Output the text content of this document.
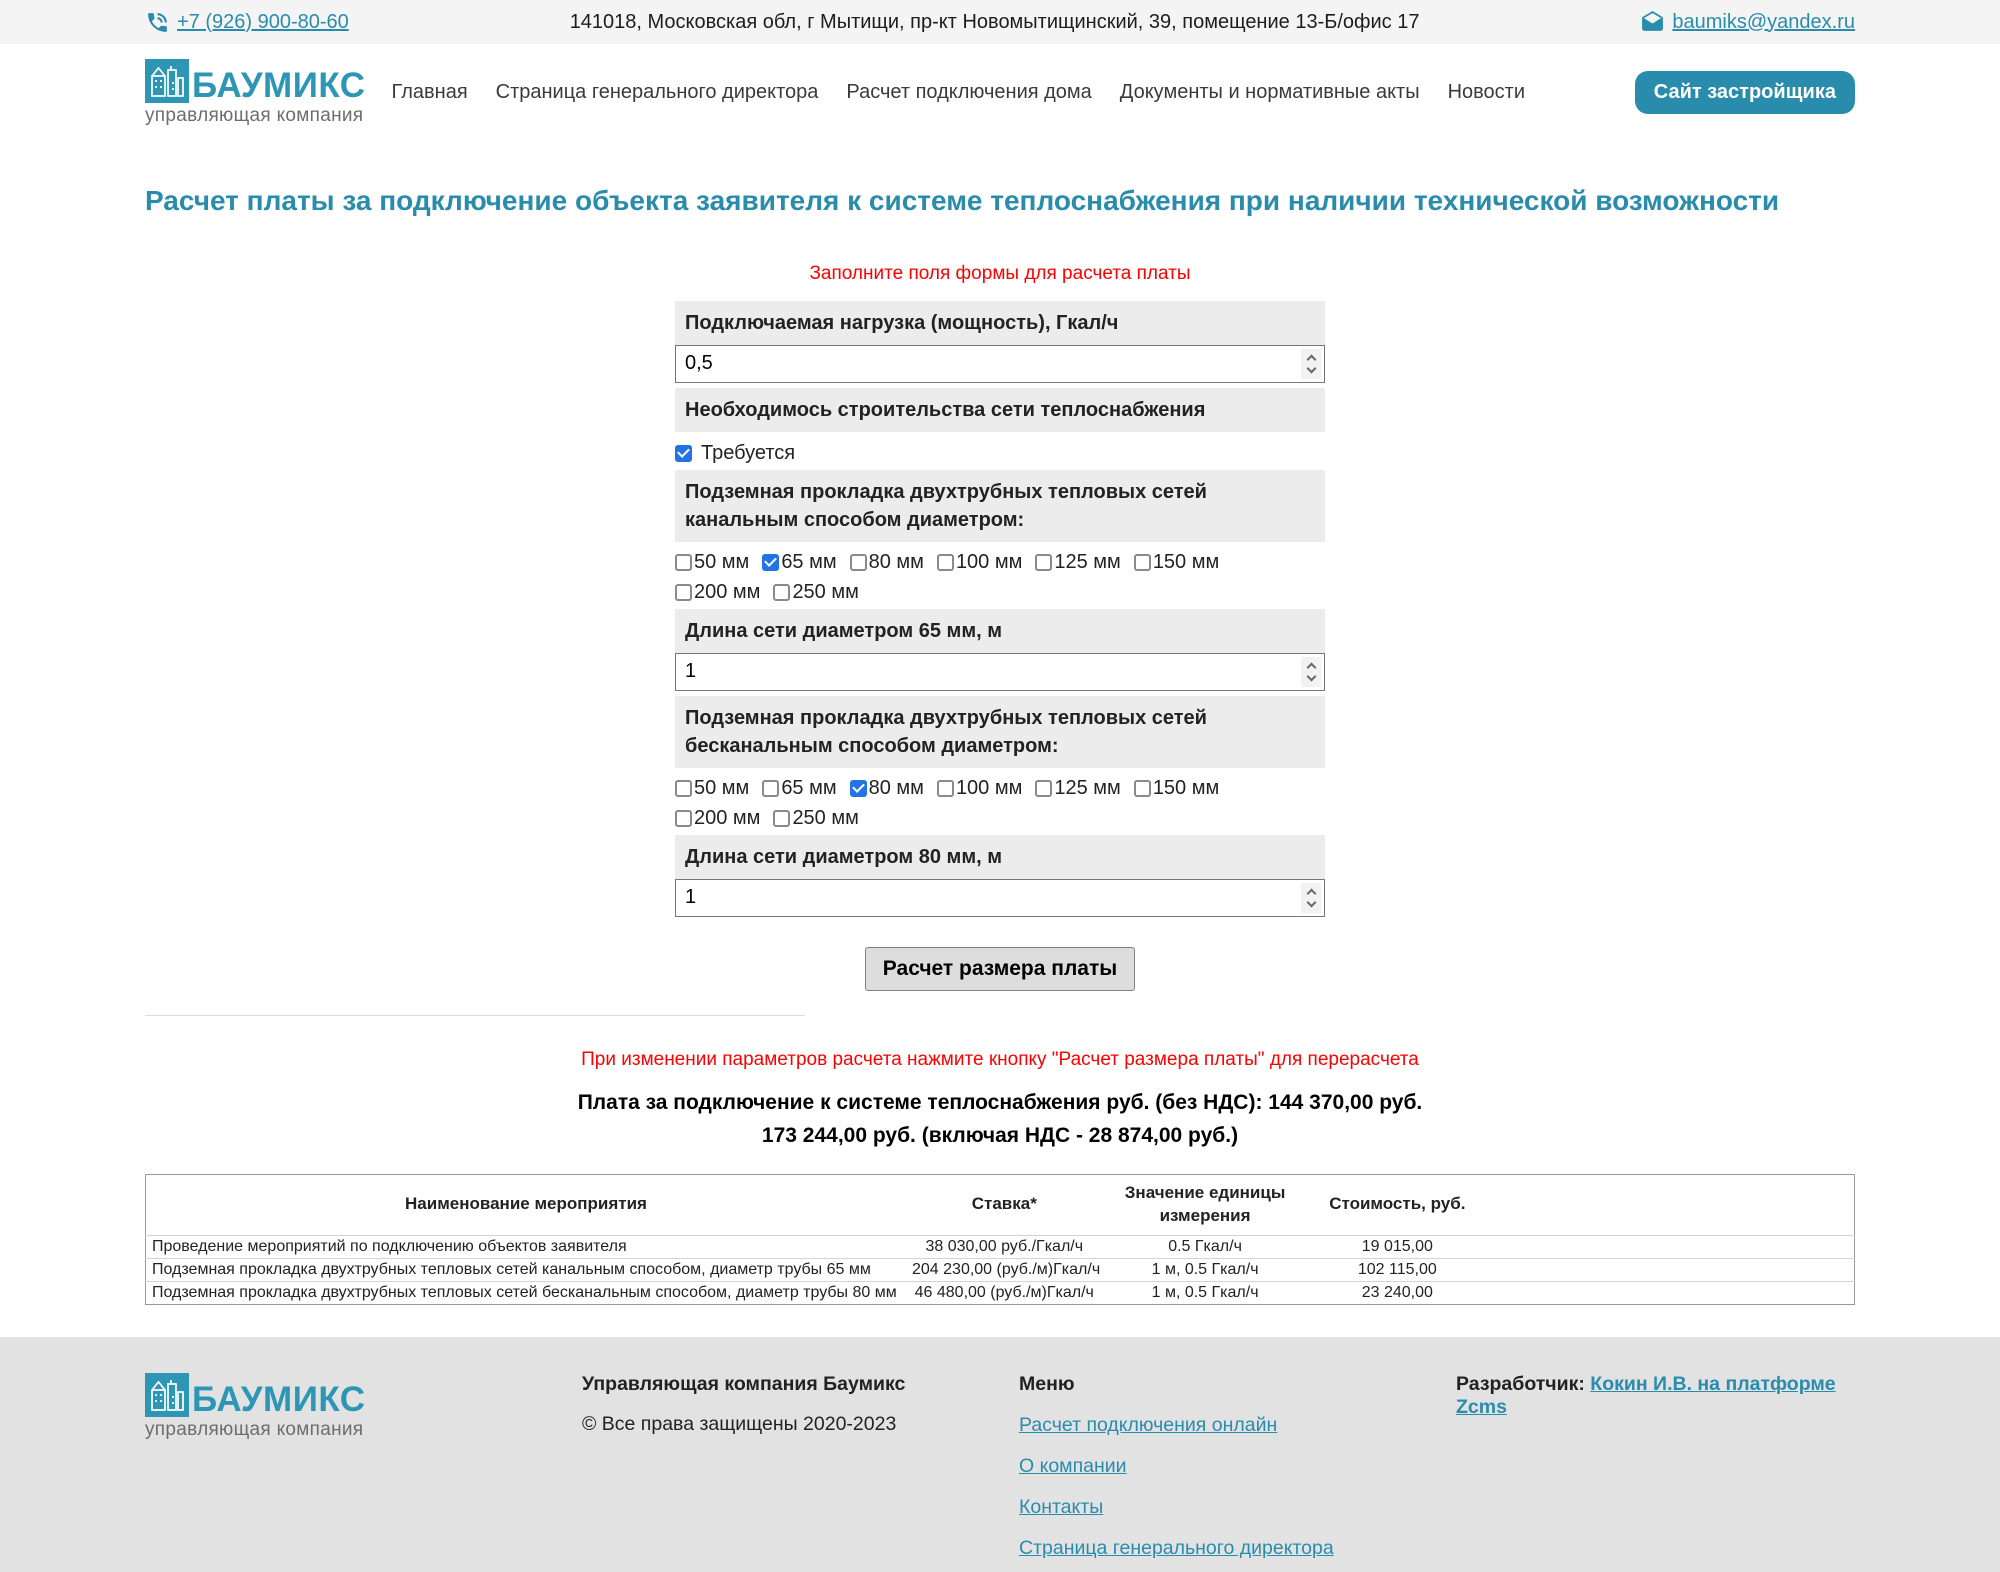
+7 (926) 900-80-60	141018, Московская обл, г Мытищи, пр-кт Новомытищинский, 39, помещение 13-Б/офис 17	baumiks@yandex.ru
БАУМИКС
управляющая компания
Главная Страница генерального директора Расчет подключения дома Документы и нормативные акты Новости	Сайт застройщика
Расчет платы за подключение объекта заявителя к системе теплоснабжения при наличии технической возможности
Заполните поля формы для расчета платы
Подключаемая нагрузка (мощность), Гкал/ч
0,5
Необходимось строительства сети теплоснабжения
Требуется
Подземная прокладка двухтрубных тепловых сетей канальным способом диаметром:
50 мм 65 мм 80 мм 100 мм 125 мм 150 мм
200 мм 250 мм
Длина сети диаметром 65 мм, м
1
Подземная прокладка двухтрубных тепловых сетей бесканальным способом диаметром:
50 мм 65 мм 80 мм 100 мм 125 мм 150 мм
200 мм 250 мм
Длина сети диаметром 80 мм, м
1
Расчет размера платы
При изменении параметров расчета нажмите кнопку "Расчет размера платы" для перерасчета
Плата за подключение к системе теплоснабжения руб. (без НДС): 144 370,00 руб.
173 244,00 руб. (включая НДС - 28 874,00 руб.)
Наименование мероприятия	Ставка*	Значение единицы измерения	Стоимость, руб.	
Проведение мероприятий по подключению объектов заявителя	38 030,00 руб./Гкал/ч	0.5 Гкал/ч	19 015,00	
Подземная прокладка двухтрубных тепловых сетей канальным способом, диаметр трубы 65 мм	204 230,00 (руб./м)Гкал/ч	1 м, 0.5 Гкал/ч	102 115,00	
Подземная прокладка двухтрубных тепловых сетей бесканальным способом, диаметр трубы 80 мм	46 480,00 (руб./м)Гкал/ч	1 м, 0.5 Гкал/ч	23 240,00	
БАУМИКС
управляющая компания
Управляющая компания Баумикс
© Все права защищены 2020-2023
Меню
Расчет подключения онлайн
О компании
Контакты
Страница генерального директора
Разработчик: Кокин И.В. на платформе Zcms
